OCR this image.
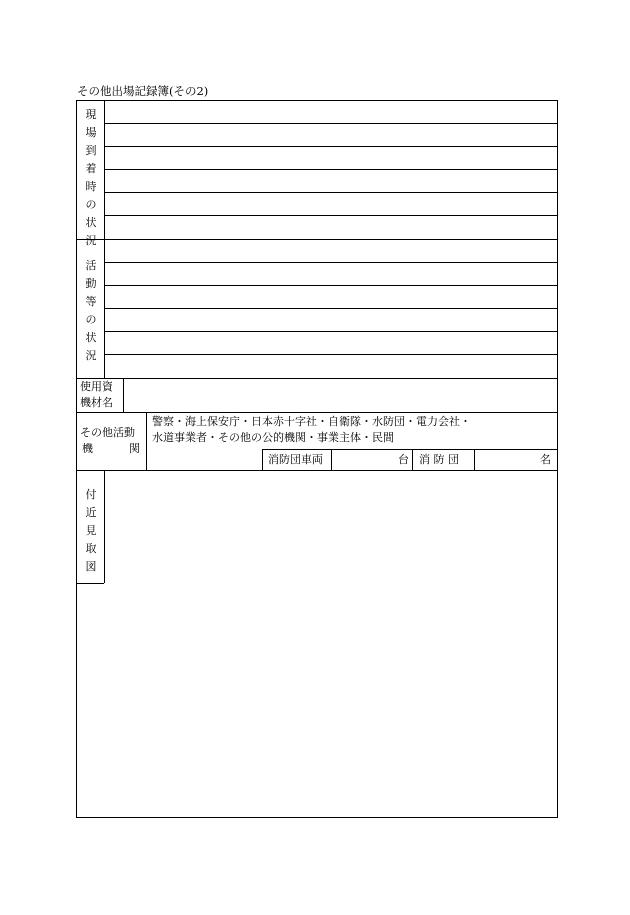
その他出場記録簿(その2)
現
場
到
着
時
の
状
況
活
動
等
の
状
況
使用資
機材名
その他活動
機	関
警察・海上保安庁・日本赤十字社・自衛隊・水防団・電力会社・
水道事業者・その他の公的機関・事業主体・民間
消防団車両	台 消 防 団	名
付
近
見
取
図
